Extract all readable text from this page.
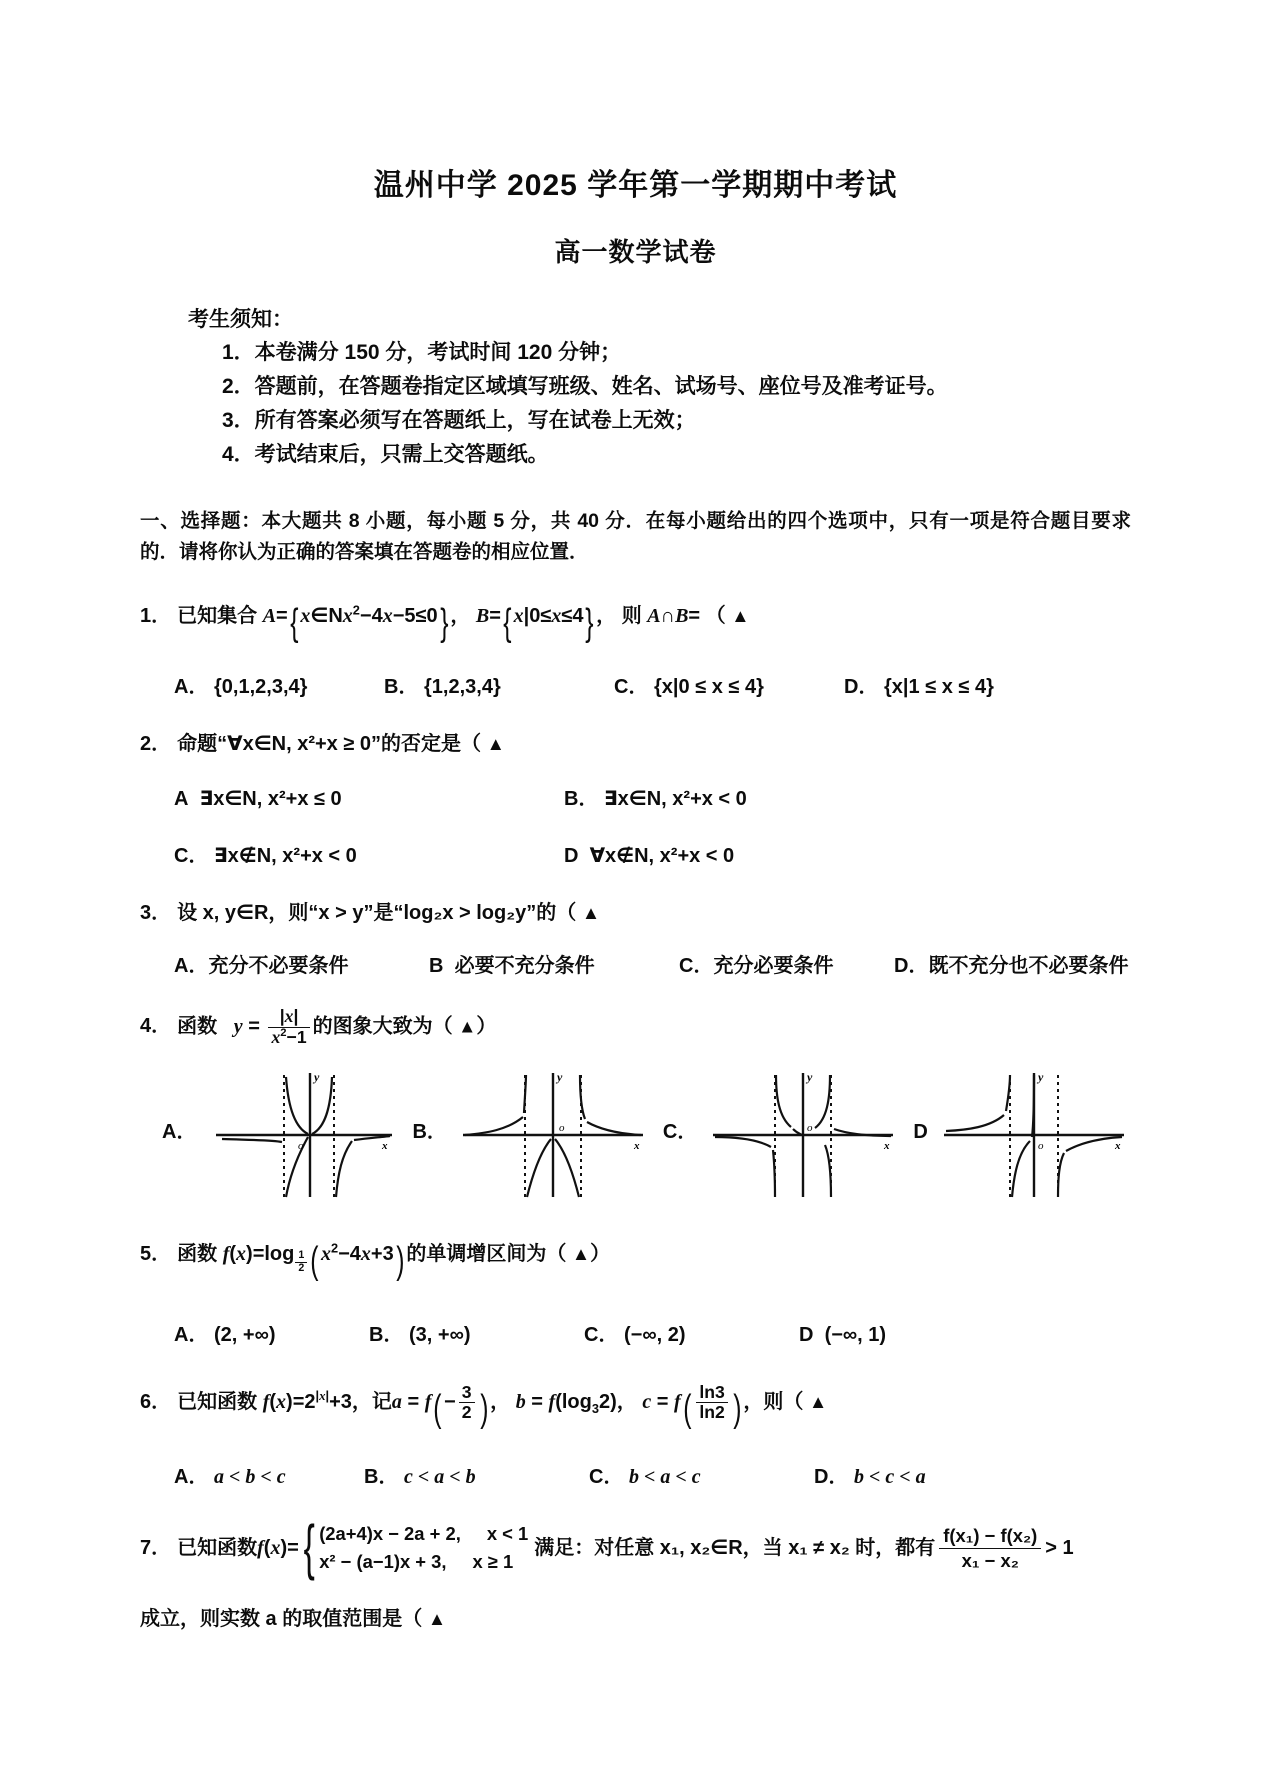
温州中学 2025 学年第一学期期中考试
高一数学试卷
考生须知：
1．本卷满分 150 分，考试时间 120 分钟；
2．答题前，在答题卷指定区域填写班级、姓名、试场号、座位号及准考证号。
3．所有答案必须写在答题纸上，写在试卷上无效；
4．考试结束后，只需上交答题纸。
一、选择题：本大题共 8 小题，每小题 5 分，共 40 分．在每小题给出的四个选项中，只有一项是符合题目要求的．请将你认为正确的答案填在答题卷的相应位置．
1． 已知集合 A={ $x\in Nx^2-4x-5\le 0$} ， B={ x|0≤x≤4} ， 则 A∩B= （ ▲
A． {0,1,2,3,4}	B． {1,2,3,4}	C． {x|0 ≤ x ≤ 4}	D． {x|1 ≤ x ≤ 4}
2． 命题“∀x∈N, x²+x ≥ 0”的否定是（ ▲
A ∃x∈N, x²+x ≤ 0	B． ∃x∈N, x²+x < 0
C． ∃x∉N, x²+x < 0	D ∀x∉N, x²+x < 0
3． 设 x, y∈R，则“x > y”是“log₂x > log₂y”的（ ▲
A．充分不必要条件	B 必要不充分条件	C．充分必要条件	D．既不充分也不必要条件
4． 函数 $y = \frac{|x|}{x^2-1}$ 的图象大致为（ ▲）
A．
y
x
o
B．
y
x
o	C．
y
x
o	D
y
x
o
5． 函数 f(x)=log $_{\frac{1}{2}}$ ( $x^2-4x+3$) 的单调增区间为（ ▲）
A． (2, +∞)	B． (3, +∞)	C． (−∞, 2)	D (−∞, 1)
6． 已知函数 $f(x)=2^{|x|}+3$，记$a = f( - \frac{3}{2}$ ) ， $b = f(\log_32)$， $c = f( \frac{\ln 3}{\ln 2}$ ) ，则（ ▲
A． a < b < c	B． c < a < b	C． b < a < c	D． b < c < a
7． 已知函数 f ( x )= { (2a+4)x − 2a + 2, x < 1
x² − (a−1)x + 3, x ≥ 1
满足：对任意 x₁, x₂∈R，当 x₁ ≠ x₂ 时，都有 $\frac{\text{f(x₁) − f(x₂)}}{\text{x₁ − x₂}} > 1$
成立，则实数 a 的取值范围是（ ▲
